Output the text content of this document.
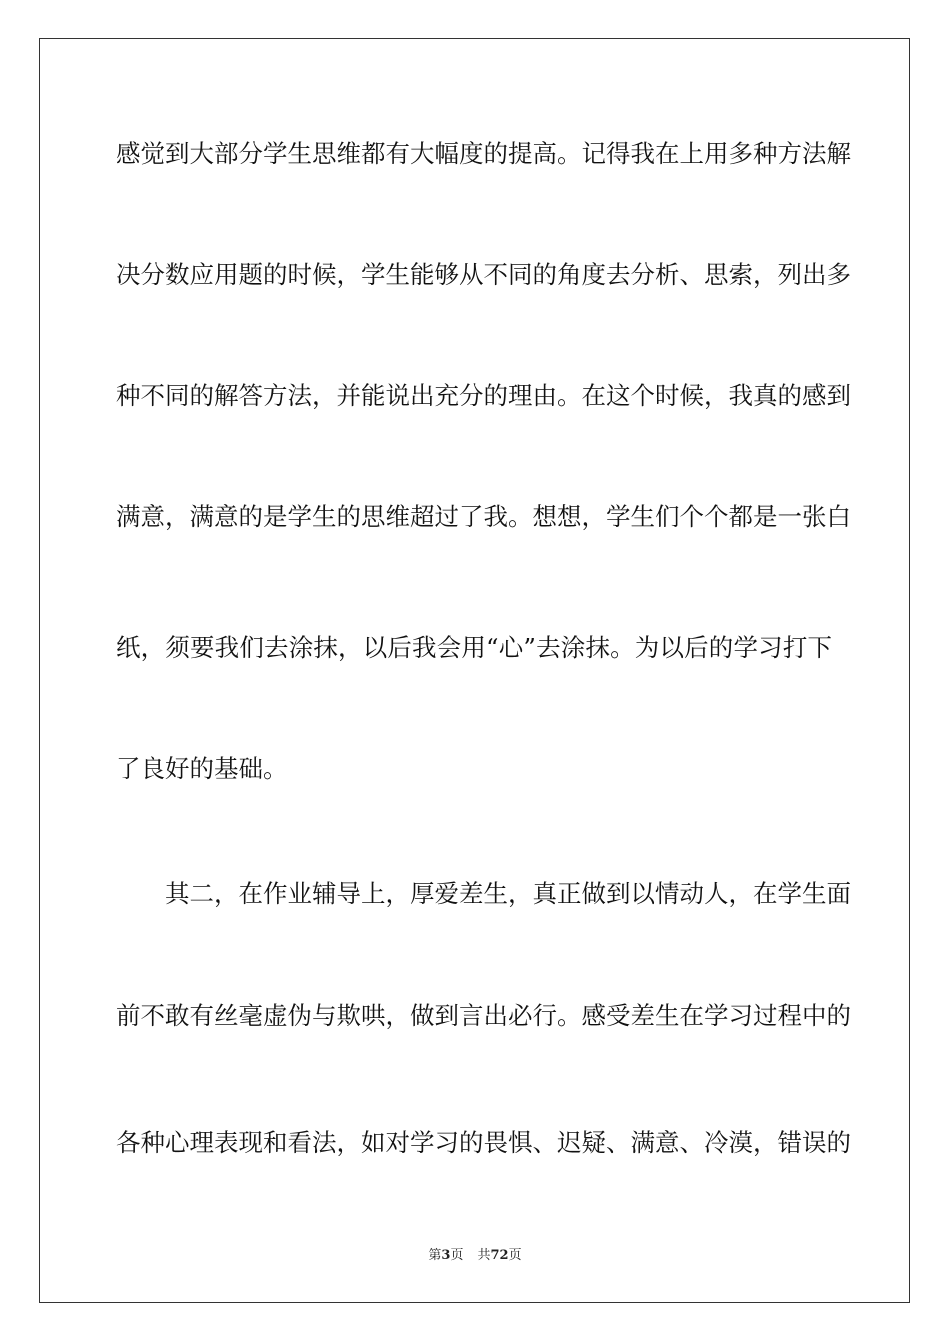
感觉到大部分学生思维都有大幅度的提高。记得我在上用多种方法解
决分数应用题的时候，学生能够从不同的角度去分析、思索，列出多
种不同的解答方法，并能说出充分的理由。在这个时候，我真的感到
满意，满意的是学生的思维超过了我。想想，学生们个个都是一张白
纸，须要我们去涂抹，以后我会用“心”去涂抹。为以后的学习打下
了良好的基础。
其二，在作业辅导上，厚爱差生，真正做到以情动人，在学生面
前不敢有丝毫虚伪与欺哄，做到言出必行。感受差生在学习过程中的
各种心理表现和看法，如对学习的畏惧、迟疑、满意、冷漠，错误的
第3页 共72页
